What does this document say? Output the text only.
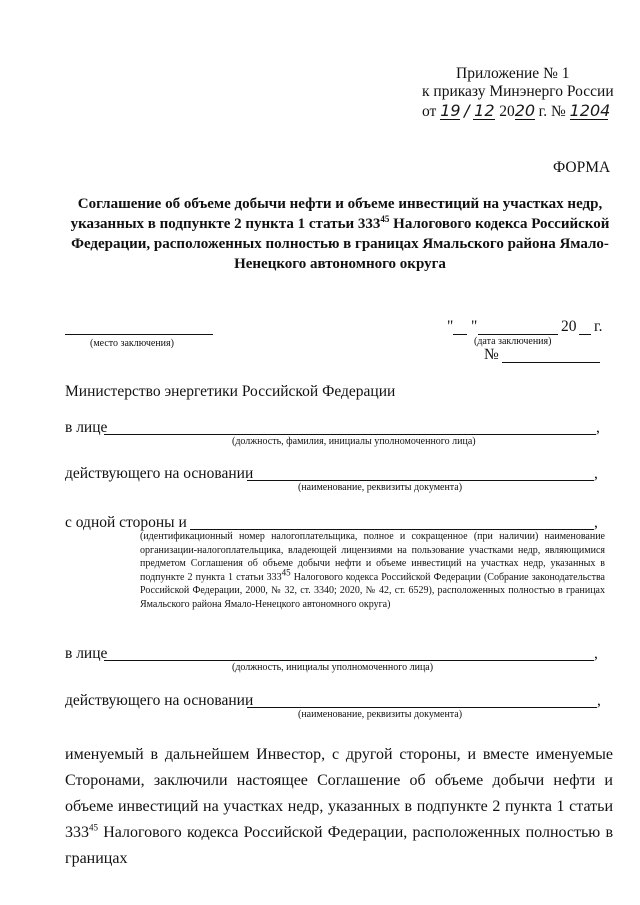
Приложение № 1
к приказу Минэнерго России
от 19 / 12 2020 г. № 1204
ФОРМА
Соглашение об объеме добычи нефти и объеме инвестиций на участках недр, указанных в подпункте 2 пункта 1 статьи $333^{45}$ Налогового кодекса Российской Федерации, расположенных полностью в границах Ямальского района Ямало-Ненецкого автономного округа
(место заключения)
" "	20 г.
(дата заключения)
№
Министерство энергетики Российской Федерации
в лице	,
(должность, фамилия, инициалы уполномоченного лица)
действующего на основании	,
(наименование, реквизиты документа)
с одной стороны и	,
(идентификационный номер налогоплательщика, полное и сокращенное (при наличии) наименование организации-налогоплательщика, владеющей лицензиями на пользование участками недр, являющимися предметом Соглашения об объеме добычи нефти и объеме инвестиций на участках недр, указанных в подпункте 2 пункта 1 статьи 33345 Налогового кодекса Российской Федерации (Собрание законодательства Российской Федерации, 2000, № 32, ст. 3340; 2020, № 42, ст. 6529), расположенных полностью в границах Ямальского района Ямало-Ненецкого автономного округа)
в лице	,
(должность, инициалы уполномоченного лица)
действующего на основании	,
(наименование, реквизиты документа)
именуемый в дальнейшем Инвестор, с другой стороны, и вместе именуемые Сторонами, заключили настоящее Соглашение об объеме добычи нефти и объеме инвестиций на участках недр, указанных в подпункте 2 пункта 1 статьи $333^{45}$ Налогового кодекса Российской Федерации, расположенных полностью в границах
